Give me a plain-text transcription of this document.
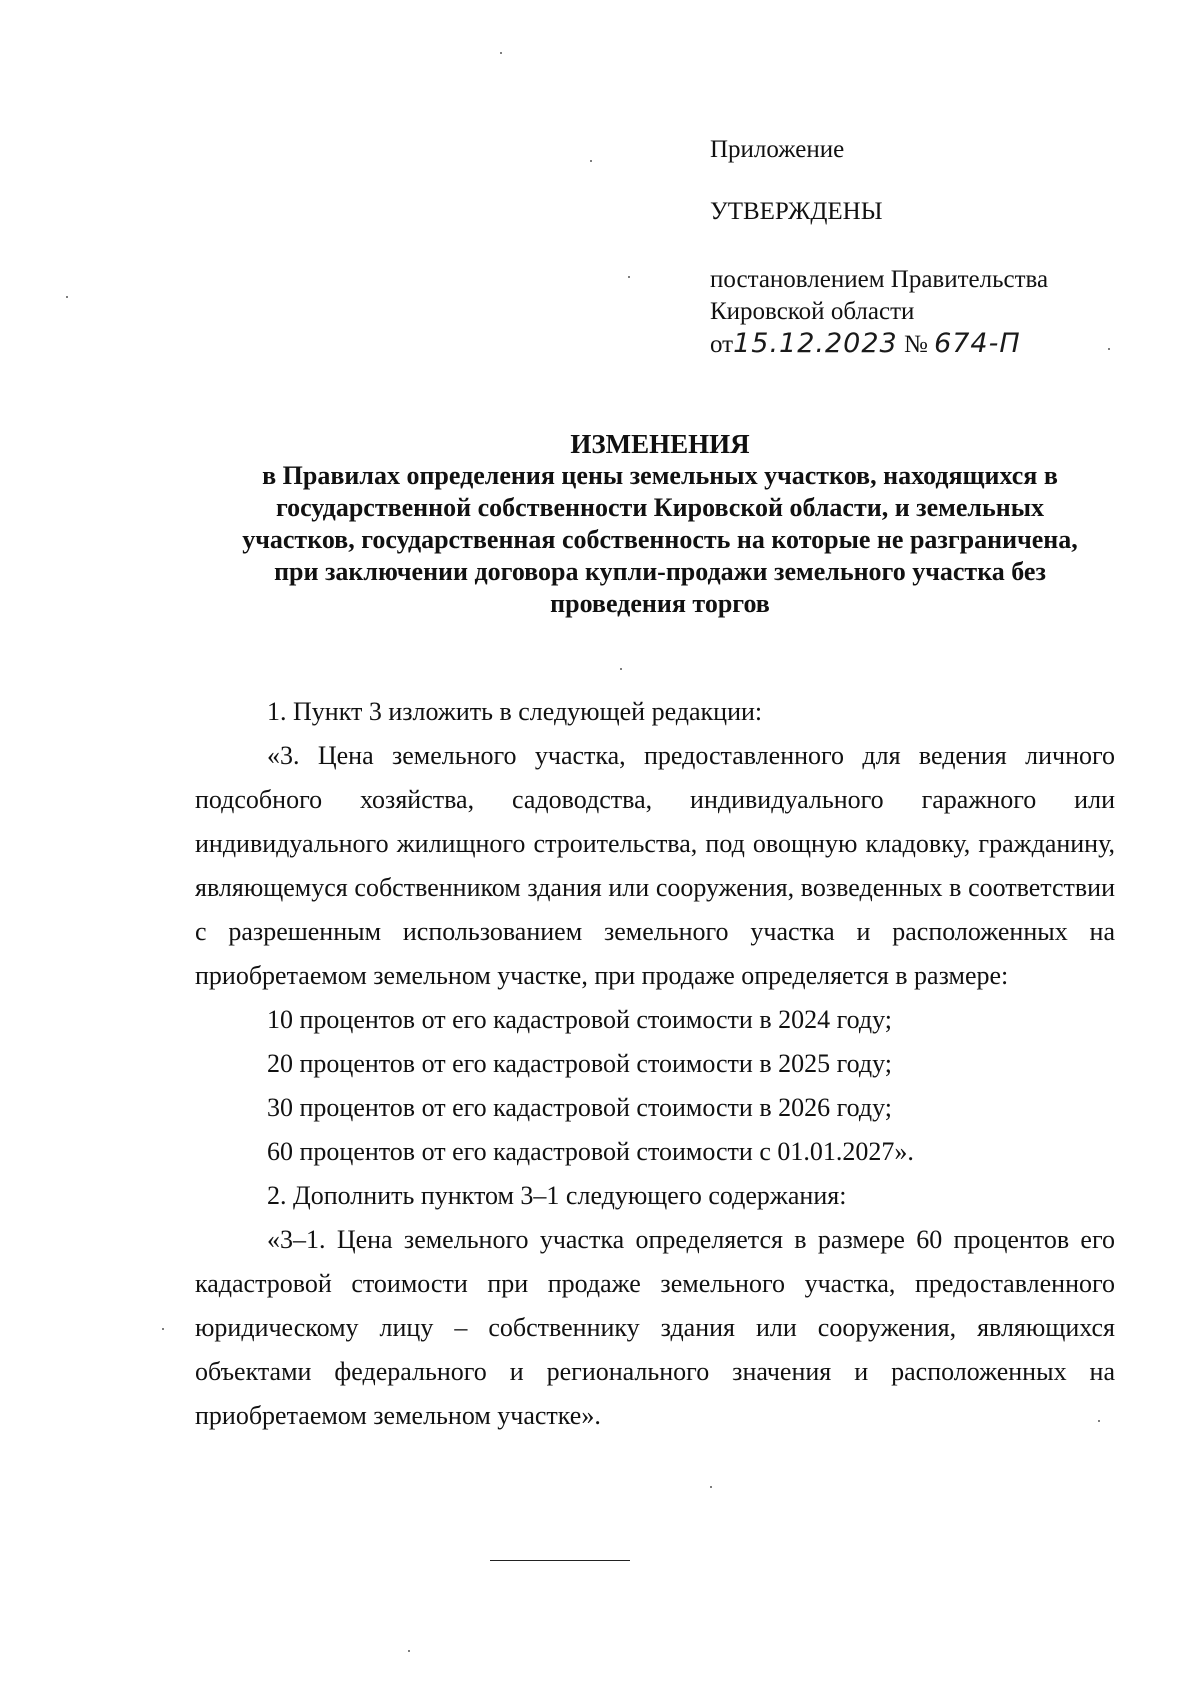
Приложение
УТВЕРЖДЕНЫ
постановлением Правительства
Кировской области
от15.12.2023 № 674-П
ИЗМЕНЕНИЯ
в Правилах определения цены земельных участков, находящихся в
государственной собственности Кировской области, и земельных
участков, государственная собственность на которые не разграничена,
при заключении договора купли-продажи земельного участка без
проведения торгов

1. Пункт 3 изложить в следующей редакции:

«3. Цена земельного участка, предоставленного для ведения личного подсобного хозяйства, садоводства, индивидуального гаражного или индивидуального жилищного строительства, под овощную кладовку, гражданину, являющемуся собственником здания или сооружения, возведенных в соответствии с разрешенным использованием земельного участка и расположенных на приобретаемом земельном участке, при продаже определяется в размере:

10 процентов от его кадастровой стоимости в 2024 году;

20 процентов от его кадастровой стоимости в 2025 году;

30 процентов от его кадастровой стоимости в 2026 году;

60 процентов от его кадастровой стоимости с 01.01.2027».

2. Дополнить пунктом 3–1 следующего содержания:

«3–1. Цена земельного участка определяется в размере 60 процентов его кадастровой стоимости при продаже земельного участка, предоставленного юридическому лицу – собственнику здания или сооружения, являющихся объектами федерального и регионального значения и расположенных на приобретаемом земельном участке».
